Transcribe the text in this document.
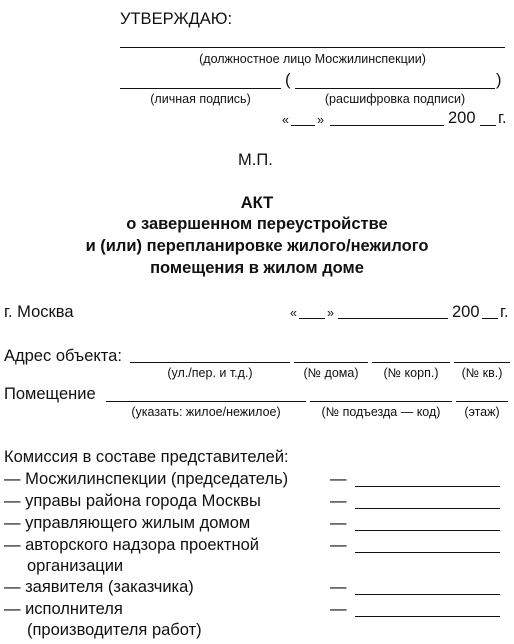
УТВЕРЖДАЮ:
(должностное лицо Мосжилинспекции)
(	)
(личная подпись)	(расшифровка подписи)
« »	200 г.
М.П.
АКТ
о завершенном переустройстве
и (или) перепланировке жилого/нежилого
помещения в жилом доме
г. Москва	« »	200 г.
Адрес объекта:
(ул./пер. и т.д.)	(№ дома)	(№ корп.)	(№ кв.)
Помещение
(указать: жилое/нежилое)	(№ подъезда — код)	(этаж)
Комиссия в составе представителей:
— Мосжилинспекции (председатель)	—
— управы района города Москвы	—
— управляющего жилым домом	—
— авторского надзора проектной	—
организации
— заявителя (заказчика)	—
— исполнителя	—
(производителя работ)
